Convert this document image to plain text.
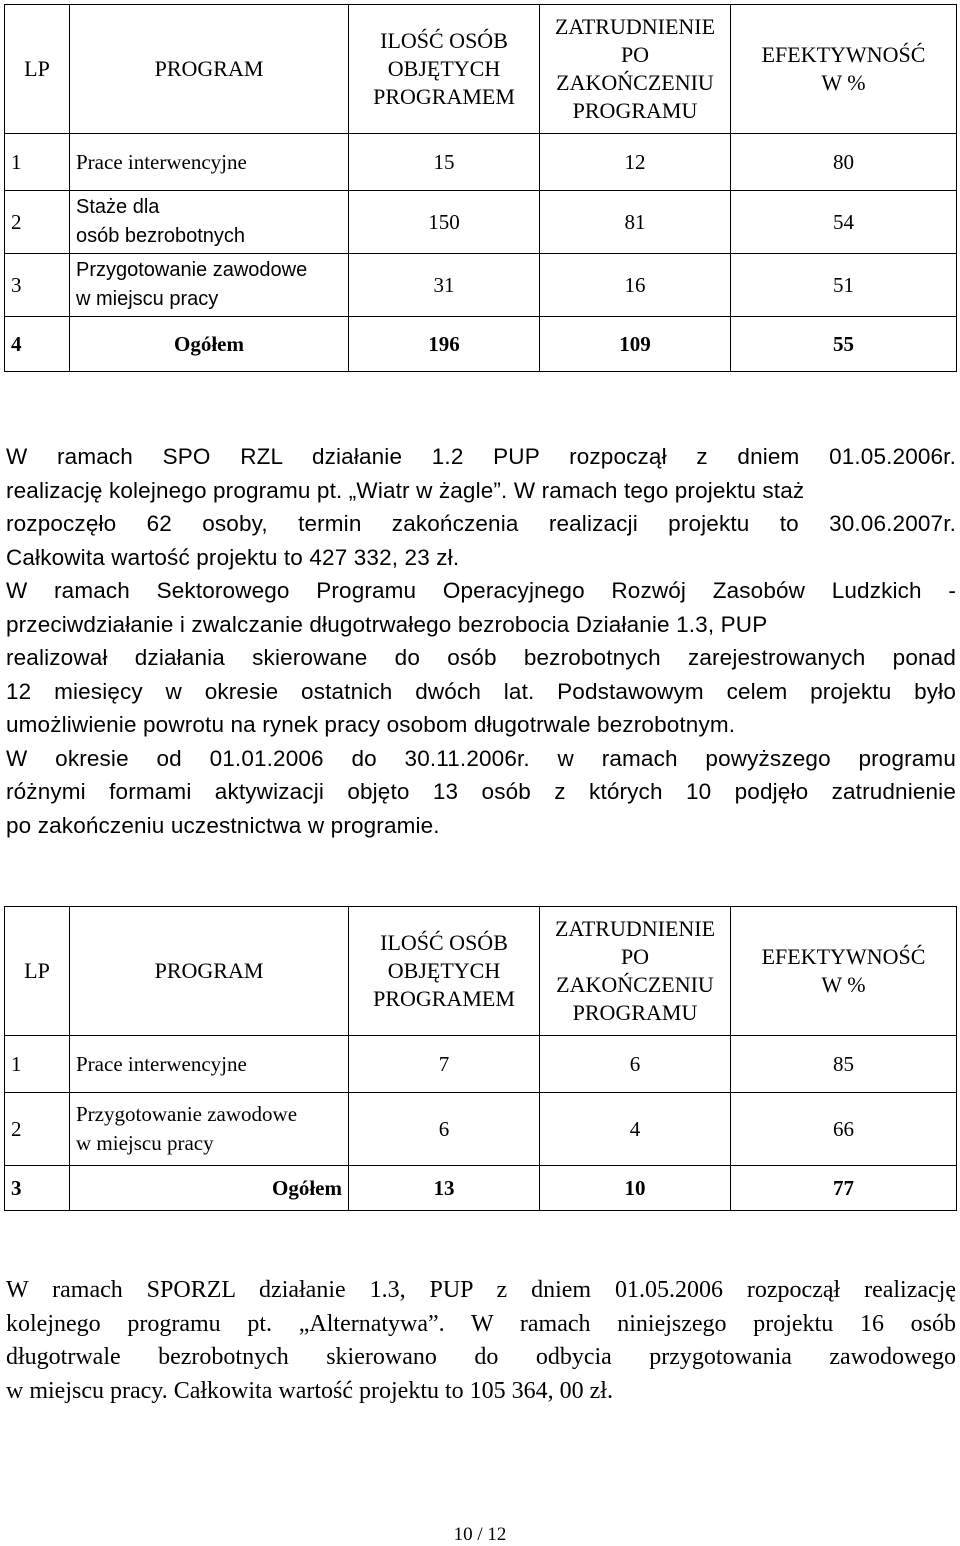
LP	PROGRAM	ILOŚĆ OSÓB
OBJĘTYCH
PROGRAMEM	ZATRUDNIENIE
PO
ZAKOŃCZENIU
PROGRAMU	EFEKTYWNOŚĆ
W %

1	Prace interwencyjne	15	12	80
2	Staże dla
osób bezrobotnych	150	81	54
3	Przygotowanie zawodowe
w miejscu pracy	31	16	51
4	Ogółem	196	109	55
W ramach SPO RZL działanie 1.2 PUP rozpoczął z dniem 01.05.2006r.
realizację kolejnego programu pt. „Wiatr w żagle”. W ramach tego projektu staż
rozpoczęło 62 osoby, termin zakończenia realizacji projektu to 30.06.2007r.
Całkowita wartość projektu to 427 332, 23 zł.
W ramach Sektorowego Programu Operacyjnego Rozwój Zasobów Ludzkich -
przeciwdziałanie i zwalczanie długotrwałego bezrobocia Działanie 1.3, PUP
realizował działania skierowane do osób bezrobotnych zarejestrowanych ponad
12 miesięcy w okresie ostatnich dwóch lat. Podstawowym celem projektu było
umożliwienie powrotu na rynek pracy osobom długotrwale bezrobotnym.
W okresie od 01.01.2006 do 30.11.2006r. w ramach powyższego programu
różnymi formami aktywizacji objęto 13 osób z których 10 podjęło zatrudnienie
po zakończeniu uczestnictwa w programie.
LP	PROGRAM	ILOŚĆ OSÓB
OBJĘTYCH
PROGRAMEM	ZATRUDNIENIE
PO
ZAKOŃCZENIU
PROGRAMU	EFEKTYWNOŚĆ
W %

1	Prace interwencyjne	7	6	85
2	Przygotowanie zawodowe
w miejscu pracy	6	4	66
3	Ogółem	13	10	77
W ramach SPORZL działanie 1.3, PUP z dniem 01.05.2006 rozpoczął realizację
kolejnego programu pt. „Alternatywa”. W ramach niniejszego projektu 16 osób
długotrwale bezrobotnych skierowano do odbycia przygotowania zawodowego
w miejscu pracy. Całkowita wartość projektu to 105 364, 00 zł.
10 / 12
